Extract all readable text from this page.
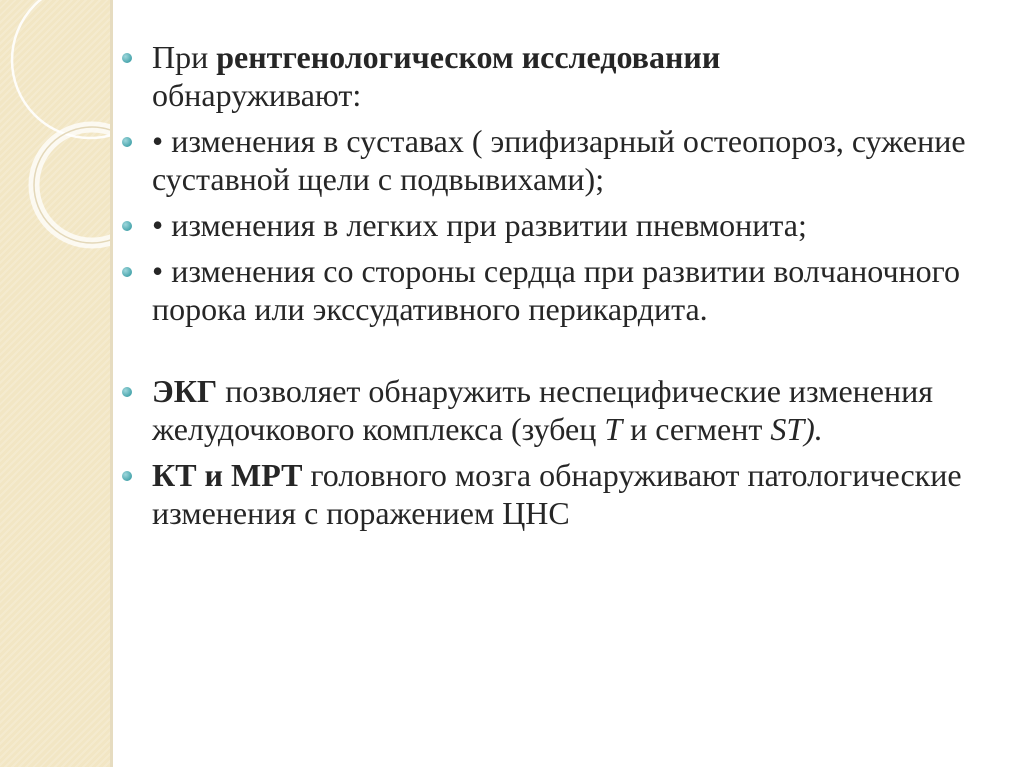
При рентгенологическом исследовании
обнаруживают:
• изменения в суставах ( эпифизарный остеопороз, сужение суставной щели с подвывихами);
• изменения в легких при развитии пневмонита;
• изменения со стороны сердца при развитии волчаночного порока или экссудативного перикардита.
ЭКГ позволяет обнаружить неспецифические изменения желудочкового комплекса (зубец Т и сегмент ST).
КТ и МРТ головного мозга обнаруживают патологические изменения с поражением ЦНС
